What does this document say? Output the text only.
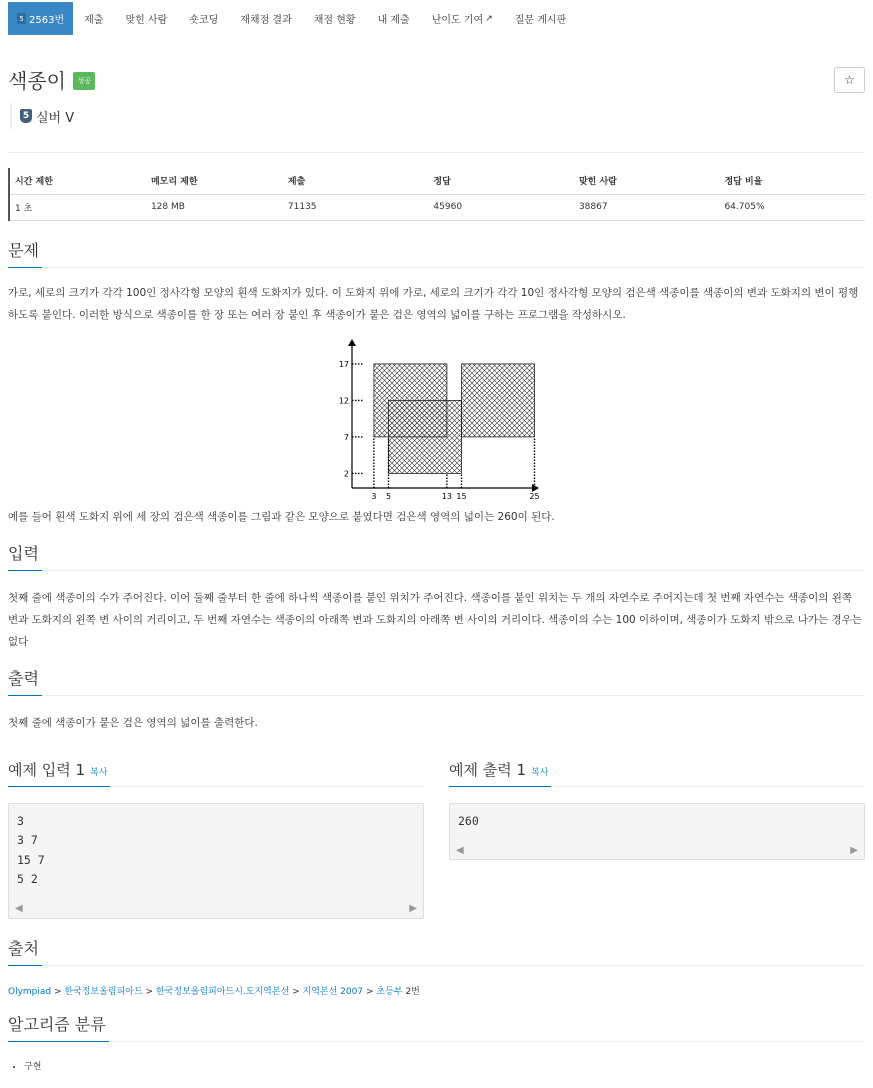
5 2563번	제출	맞힌 사람	숏코딩	재채점 결과	채점 현황	내 제출	난이도 기여 ↗	질문 게시판
색종이 성공	☆
5 실버 V
시간 제한	메모리 제한	제출	정답	맞힌 사람	정답 비율
1 초	128 MB	71135	45960	38867	64.705%
문제

가로, 세로의 크기가 각각 100인 정사각형 모양의 흰색 도화지가 있다. 이 도화지 위에 가로, 세로의 크기가 각각 10인 정사각형 모양의 검은색 색종이를 색종이의 변과 도화지의 변이 평행하도록 붙인다. 이러한 방식으로 색종이를 한 장 또는 여러 장 붙인 후 색종이가 붙은 검은 영역의 넓이를 구하는 프로그램을 작성하시오.

17
12
7
2
3 5	13 15	25

예를 들어 흰색 도화지 위에 세 장의 검은색 색종이를 그림과 같은 모양으로 붙였다면 검은색 영역의 넓이는 260이 된다.

입력

첫째 줄에 색종이의 수가 주어진다. 이어 둘째 줄부터 한 줄에 하나씩 색종이를 붙인 위치가 주어진다. 색종이를 붙인 위치는 두 개의 자연수로 주어지는데 첫 번째 자연수는 색종이의 왼쪽 변과 도화지의 왼쪽 변 사이의 거리이고, 두 번째 자연수는 색종이의 아래쪽 변과 도화지의 아래쪽 변 사이의 거리이다. 색종이의 수는 100 이하이며, 색종이가 도화지 밖으로 나가는 경우는 없다

출력

첫째 줄에 색종이가 붙은 검은 영역의 넓이를 출력한다.

예제 입력 1 복사
3
3 7
15 7
5 2
◀	▶
예제 출력 1 복사
260
◀	▶
출처
Olympiad > 한국정보올림피아드 > 한국정보올림피아드시.도지역본선 > 지역본선 2007 > 초등부 2번
알고리즘 분류
• 구현
